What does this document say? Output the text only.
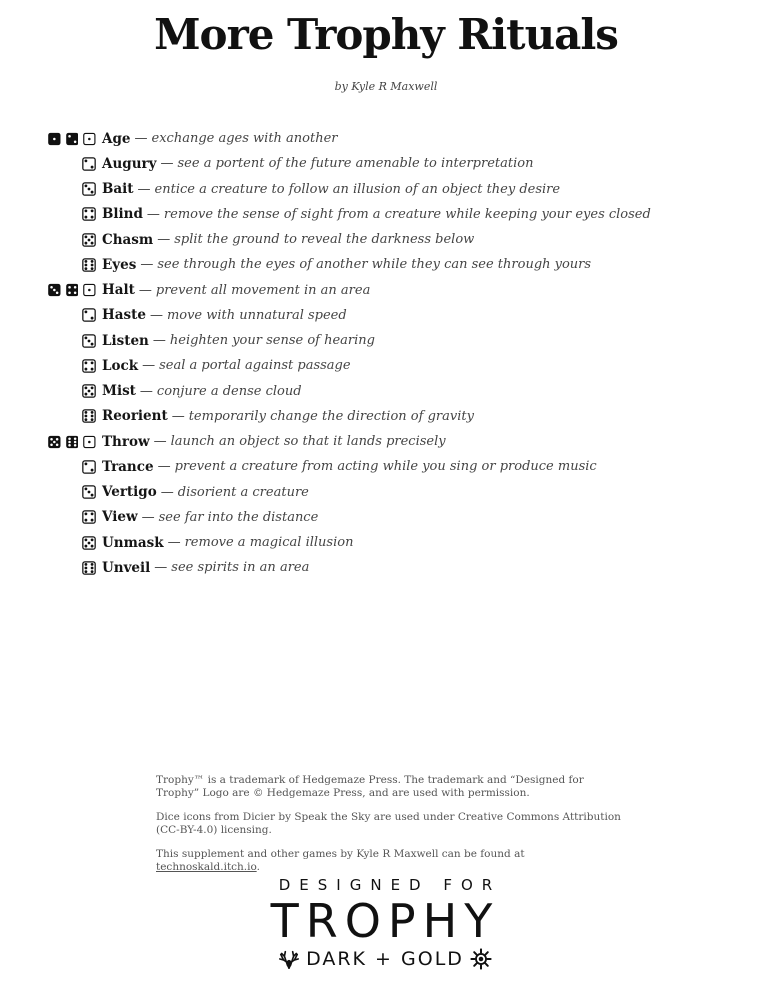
More Trophy Rituals
by Kyle R Maxwell
Age — exchange ages with another
Augury — see a portent of the future amenable to interpretation
Bait — entice a creature to follow an illusion of an object they desire
Blind — remove the sense of sight from a creature while keeping your eyes closed
Chasm — split the ground to reveal the darkness below
Eyes — see through the eyes of another while they can see through yours
Halt — prevent all movement in an area
Haste — move with unnatural speed
Listen — heighten your sense of hearing
Lock — seal a portal against passage
Mist — conjure a dense cloud
Reorient — temporarily change the direction of gravity
Throw — launch an object so that it lands precisely
Trance — prevent a creature from acting while you sing or produce music
Vertigo — disorient a creature
View — see far into the distance
Unmask — remove a magical illusion
Unveil — see spirits in an area

Trophy™ is a trademark of Hedgemaze Press. The trademark and “Designed for Trophy” Logo are © Hedgemaze Press, and are used with permission.

Dice icons from Dicier by Speak the Sky are used under Creative Commons Attribution (CC-BY-4.0) licensing.

This supplement and other games by Kyle R Maxwell can be found at technoskald.itch.io.

DESIGNED FOR
TROPHY
DARK + GOLD
